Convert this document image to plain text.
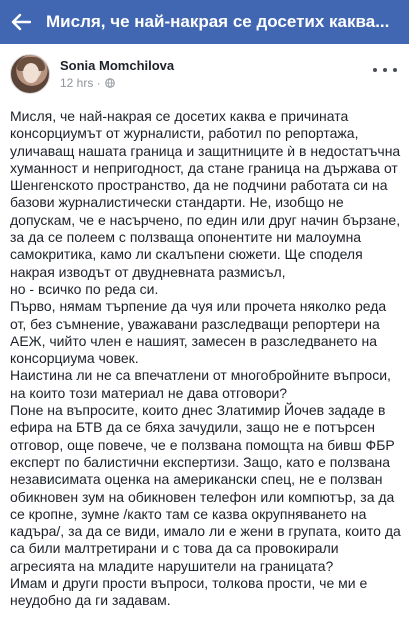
Мисля, че най-накрая се досетих каква...
Sonia Momchilova
12 hrs ·
Мисля, че най-накрая се досетих каква е причината консорциумът от журналисти, работил по репортажа, уличаващ нашата граница и защитниците ѝ в недостатъчна хуманност и непригодност, да стане граница на държава от Шенгенското пространство, да не подчини работата си на базови журналистически стандарти. Не, изобщо не допускам, че е насърчено, по един или друг начин бързане, за да се полеем с ползваща опонентите ни малоумна самокритика, камо ли скалъпени сюжети. Ще споделя накрая изводът от двудневната размисъл,
но - всичко по реда си.
Първо, нямам търпение да чуя или прочета няколко реда от, без съмнение, уважавани разследващи репортери на АЕЖ, чийто член е нашият, замесен в разследването на консорциума човек.
Наистина ли не са впечатлени от многобройните въпроси, на които този материал не дава отговори?
Поне на въпросите, които днес Златимир Йочев зададе в ефира на БТВ да се бяха зачудили, защо не е потърсен отговор, още повече, че е ползвана помощта на бивш ФБР експерт по балистични експертизи. Защо, като е ползвана независимата оценка на американски спец, не е ползван обикновен зум на обикновен телефон или компютър, за да се кропне, зумне /както там се казва окрупняването на кадъра/, за да се види, имало ли е жени в групата, които да са били малтретирани и с това да са провокирали агресията на младите нарушители на границата?
Имам и други прости въпроси, толкова прости, че ми е неудобно да ги задавам.
